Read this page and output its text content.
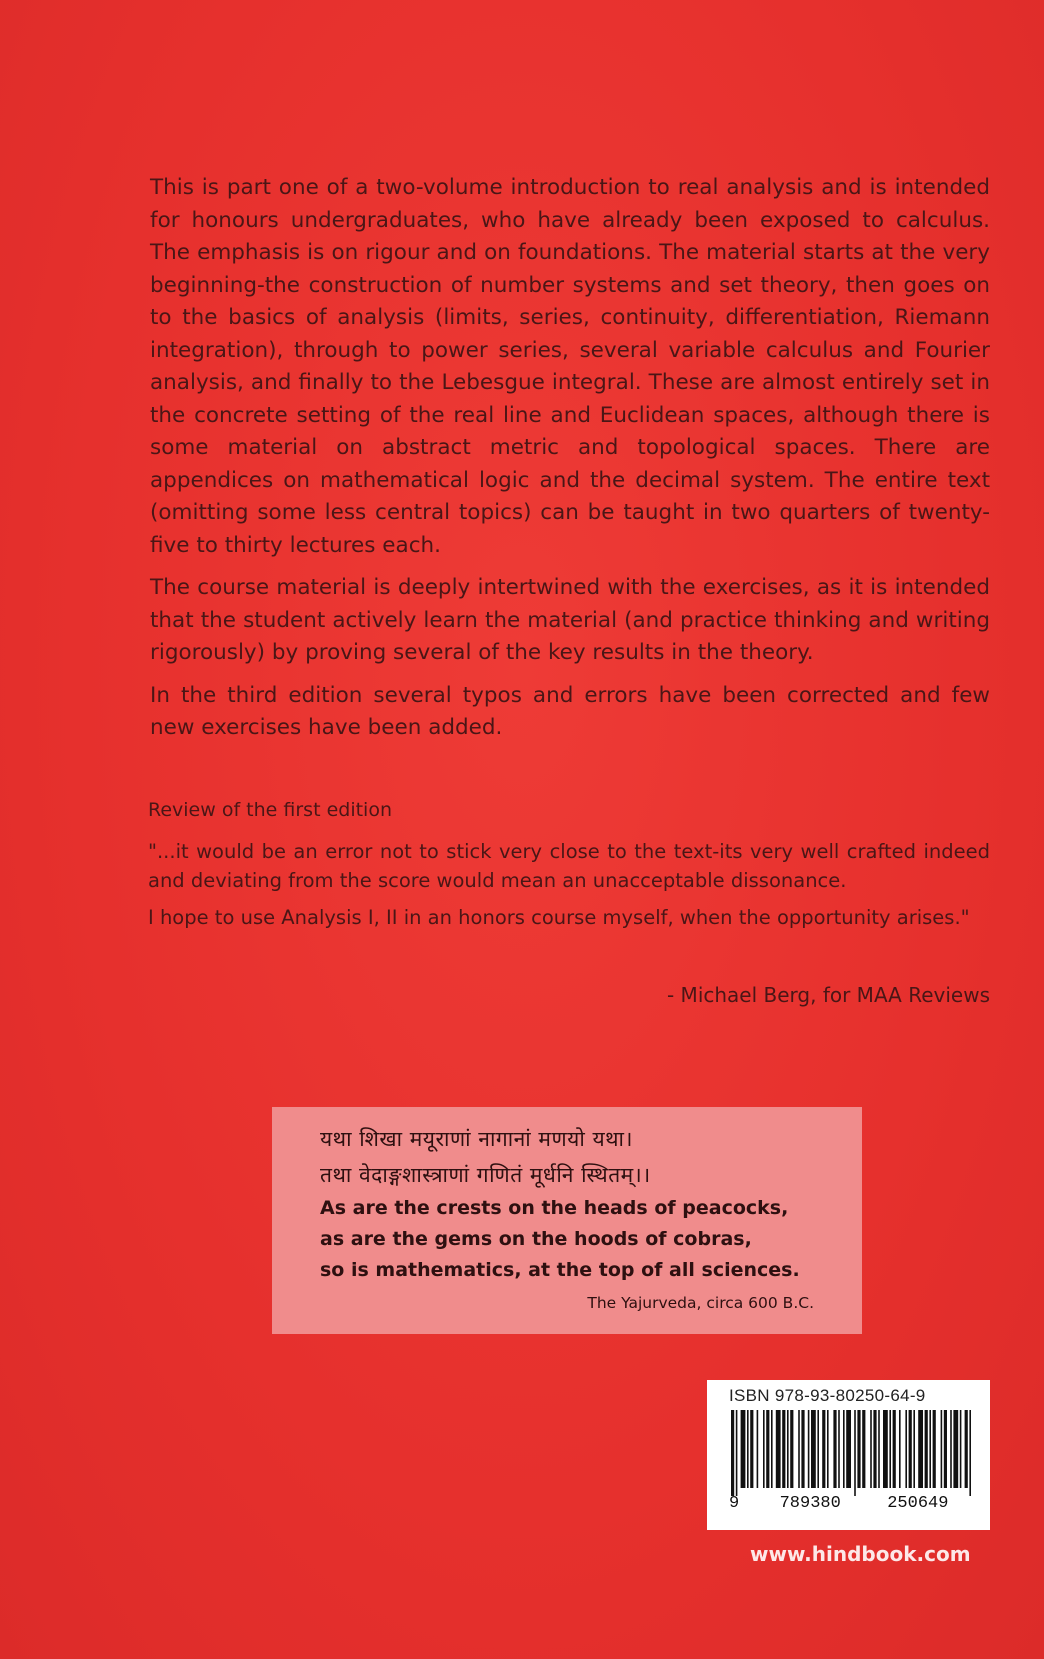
This is part one of a two-volume introduction to real analysis and is intended for honours undergraduates, who have already been exposed to calculus. The emphasis is on rigour and on foundations. The material starts at the very beginning-the construction of number systems and set theory, then goes on to the basics of analysis (limits, series, continuity, differentiation, Riemann integration), through to power series, several variable calculus and Fourier analysis, and finally to the Lebesgue integral. These are almost entirely set in the concrete setting of the real line and Euclidean spaces, although there is some material on abstract metric and topological spaces. There are appendices on mathematical logic and the decimal system. The entire text (omitting some less central topics) can be taught in two quarters of twenty-five to thirty lectures each.

The course material is deeply intertwined with the exercises, as it is intended that the student actively learn the material (and practice thinking and writing rigorously) by proving several of the key results in the theory.

In the third edition several typos and errors have been corrected and few new exercises have been added.

Review of the first edition

"...it would be an error not to stick very close to the text-its very well crafted indeed and deviating from the score would mean an unacceptable dissonance.

I hope to use Analysis I, II in an honors course myself, when the opportunity arises."

- Michael Berg, for MAA Reviews
यथा शिखा मयूराणां नागानां मणयो यथा।
तथा वेदाङ्गशास्त्राणां गणितं मूर्धनि स्थितम्।।
As are the crests on the heads of peacocks,
as are the gems on the hoods of cobras,
so is mathematics, at the top of all sciences.
The Yajurveda, circa 600 B.C.
ISBN 978-93-80250-64-9
9 789380	250649
www.hindbook.com
